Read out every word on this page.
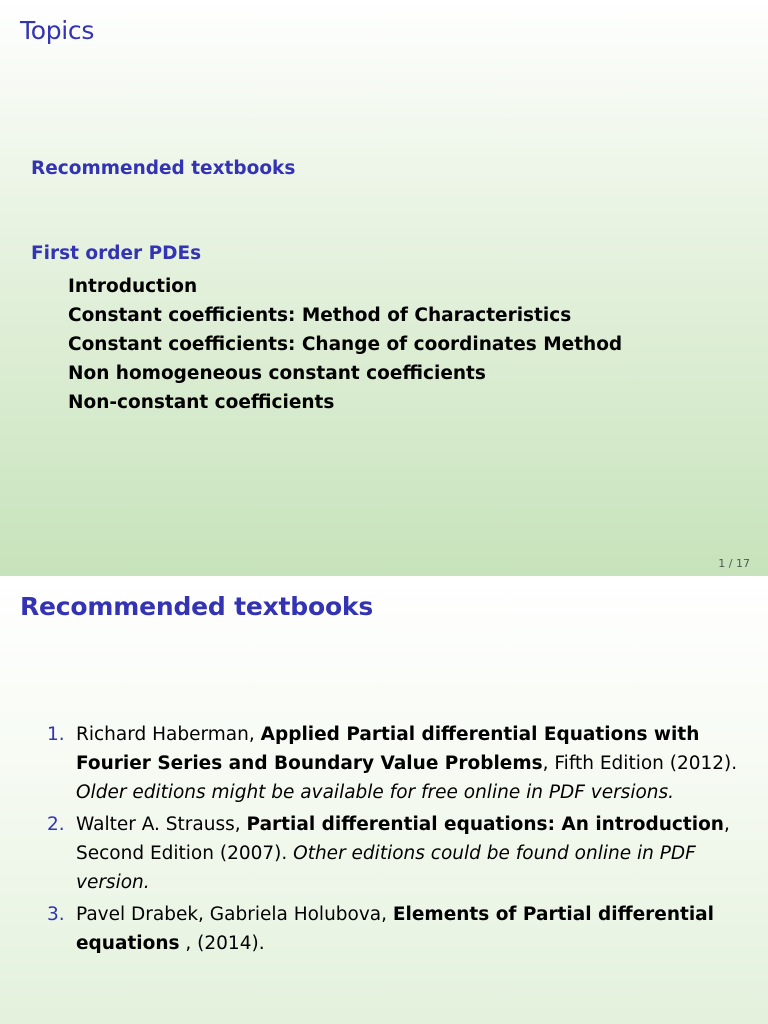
Topics
Recommended textbooks
First order PDEs
Introduction
Constant coefficients: Method of Characteristics
Constant coefficients: Change of coordinates Method
Non homogeneous constant coefficients
Non-constant coefficients
1 / 17
Recommended textbooks
1. Richard Haberman, Applied Partial differential Equations with Fourier Series and Boundary Value Problems, Fifth Edition (2012). Older editions might be available for free online in PDF versions.
2. Walter A. Strauss, Partial differential equations: An introduction, Second Edition (2007). Other editions could be found online in PDF version.
3. Pavel Drabek, Gabriela Holubova, Elements of Partial differential equations , (2014).
